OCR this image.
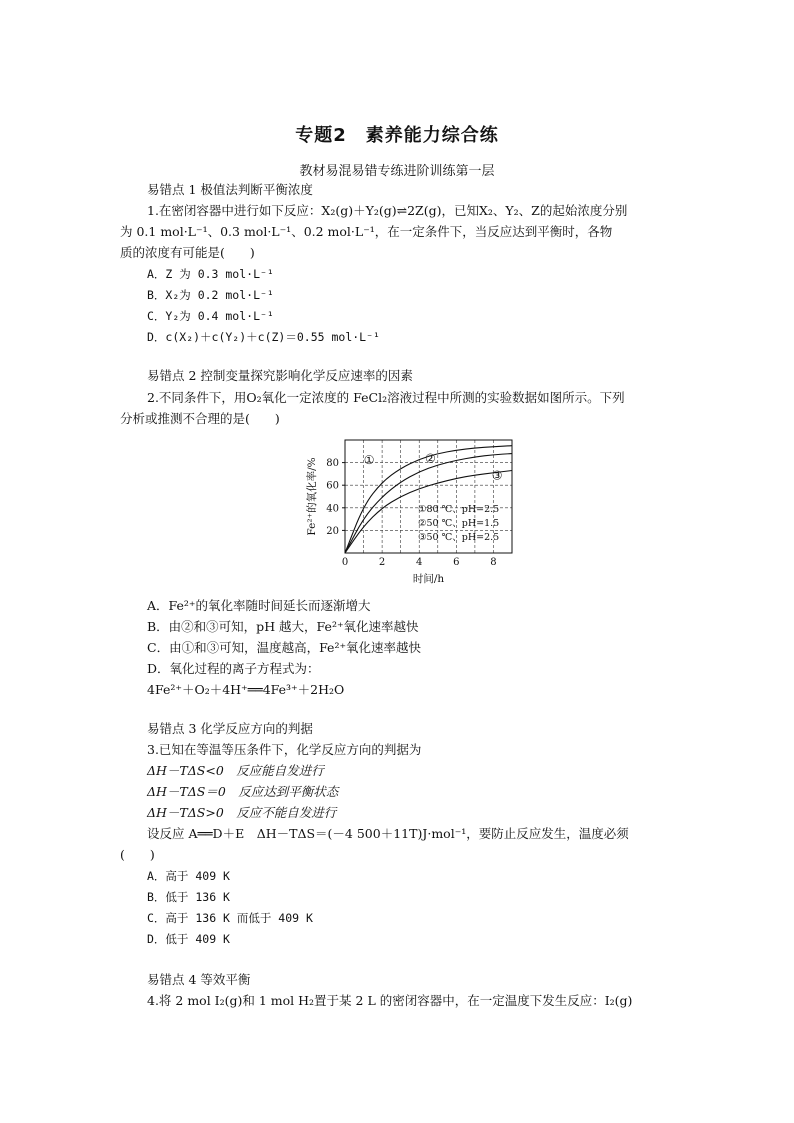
专题2　素养能力综合练
教材易混易错专练进阶训练第一层
易错点 1 极值法判断平衡浓度
1.在密闭容器中进行如下反应：X₂(g)＋Y₂(g)⇌2Z(g)，已知X₂、Y₂、Z的起始浓度分别
为 0.1 mol·L⁻¹、0.3 mol·L⁻¹、0.2 mol·L⁻¹，在一定条件下，当反应达到平衡时，各物
质的浓度有可能是(　　)
A．Z 为 0.3 mol·L⁻¹
B．X₂为 0.2 mol·L⁻¹
C．Y₂为 0.4 mol·L⁻¹
D．c(X₂)＋c(Y₂)＋c(Z)＝0.55 mol·L⁻¹
易错点 2 控制变量探究影响化学反应速率的因素
2.不同条件下，用O₂氧化一定浓度的 FeCl₂溶液过程中所测的实验数据如图所示。下列
分析或推测不合理的是(　　)
20
40
60
80
0	2	4	6	8
时间/h
Fe²⁺的氧化率/%	①	②
③
①80 ℃、pH=2.5
②50 ℃、pH=1.5
③50 ℃、pH=2.5
A．Fe²⁺的氧化率随时间延长而逐渐增大
B．由②和③可知，pH 越大，Fe²⁺氧化速率越快
C．由①和③可知，温度越高，Fe²⁺氧化速率越快
D．氧化过程的离子方程式为：
4Fe²⁺＋O₂＋4H⁺══4Fe³⁺＋2H₂O
易错点 3 化学反应方向的判据
3.已知在等温等压条件下，化学反应方向的判据为
ΔH－TΔS<0　反应能自发进行
ΔH－TΔS＝0　反应达到平衡状态
ΔH－TΔS>0　反应不能自发进行
设反应 A══D＋E　ΔH－TΔS＝(－4 500＋11T)J·mol⁻¹，要防止反应发生，温度必须
(　　)
A．高于 409 K
B．低于 136 K
C．高于 136 K 而低于 409 K
D．低于 409 K
易错点 4 等效平衡
4.将 2 mol I₂(g)和 1 mol H₂置于某 2 L 的密闭容器中，在一定温度下发生反应：I₂(g)
